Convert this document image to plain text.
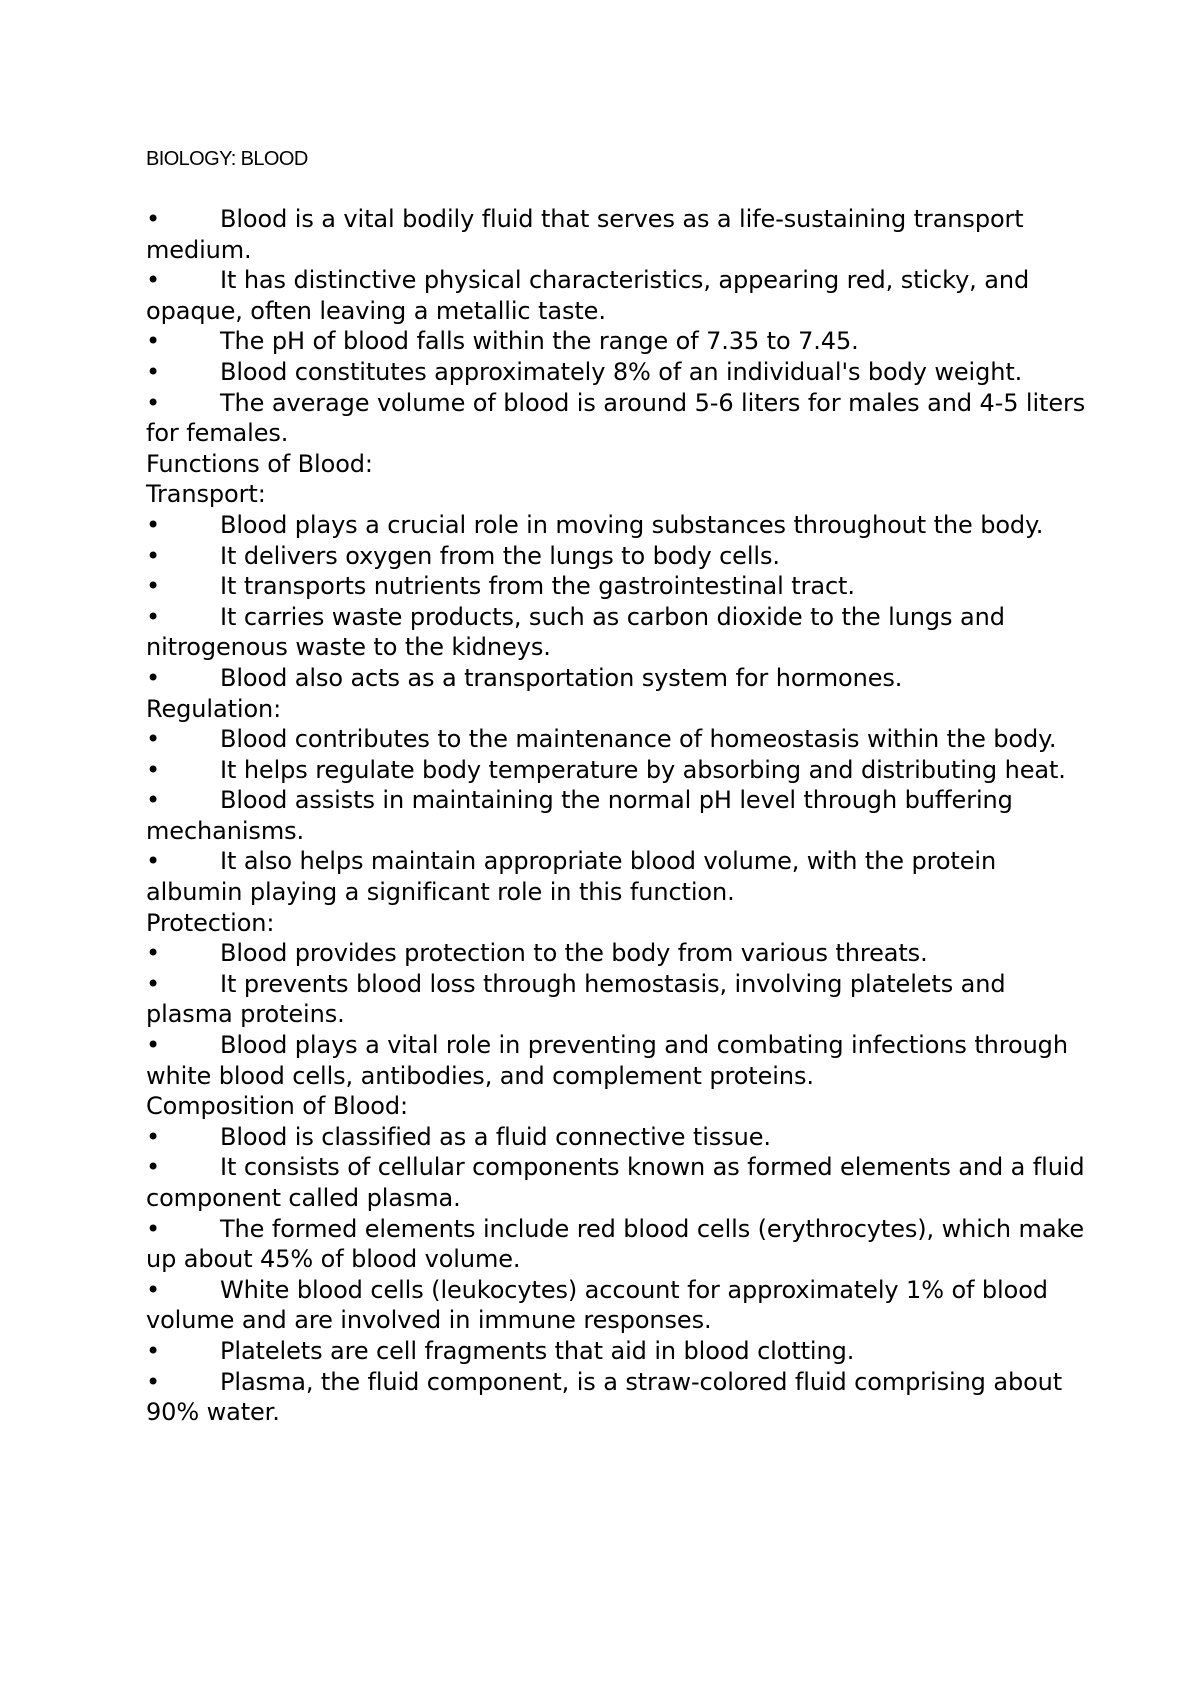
BIOLOGY: BLOOD
• Blood is a vital bodily fluid that serves as a life-sustaining transport medium.
• It has distinctive physical characteristics, appearing red, sticky, and opaque, often leaving a metallic taste.
• The pH of blood falls within the range of 7.35 to 7.45.
• Blood constitutes approximately 8% of an individual's body weight.
• The average volume of blood is around 5-6 liters for males and 4-5 liters for females.
Functions of Blood:
Transport:
• Blood plays a crucial role in moving substances throughout the body.
• It delivers oxygen from the lungs to body cells.
• It transports nutrients from the gastrointestinal tract.
• It carries waste products, such as carbon dioxide to the lungs and nitrogenous waste to the kidneys.
• Blood also acts as a transportation system for hormones.
Regulation:
• Blood contributes to the maintenance of homeostasis within the body.
• It helps regulate body temperature by absorbing and distributing heat.
• Blood assists in maintaining the normal pH level through buffering mechanisms.
• It also helps maintain appropriate blood volume, with the protein albumin playing a significant role in this function.
Protection:
• Blood provides protection to the body from various threats.
• It prevents blood loss through hemostasis, involving platelets and plasma proteins.
• Blood plays a vital role in preventing and combating infections through white blood cells, antibodies, and complement proteins.
Composition of Blood:
• Blood is classified as a fluid connective tissue.
• It consists of cellular components known as formed elements and a fluid component called plasma.
• The formed elements include red blood cells (erythrocytes), which make up about 45% of blood volume.
• White blood cells (leukocytes) account for approximately 1% of blood volume and are involved in immune responses.
• Platelets are cell fragments that aid in blood clotting.
• Plasma, the fluid component, is a straw-colored fluid comprising about 90% water.
